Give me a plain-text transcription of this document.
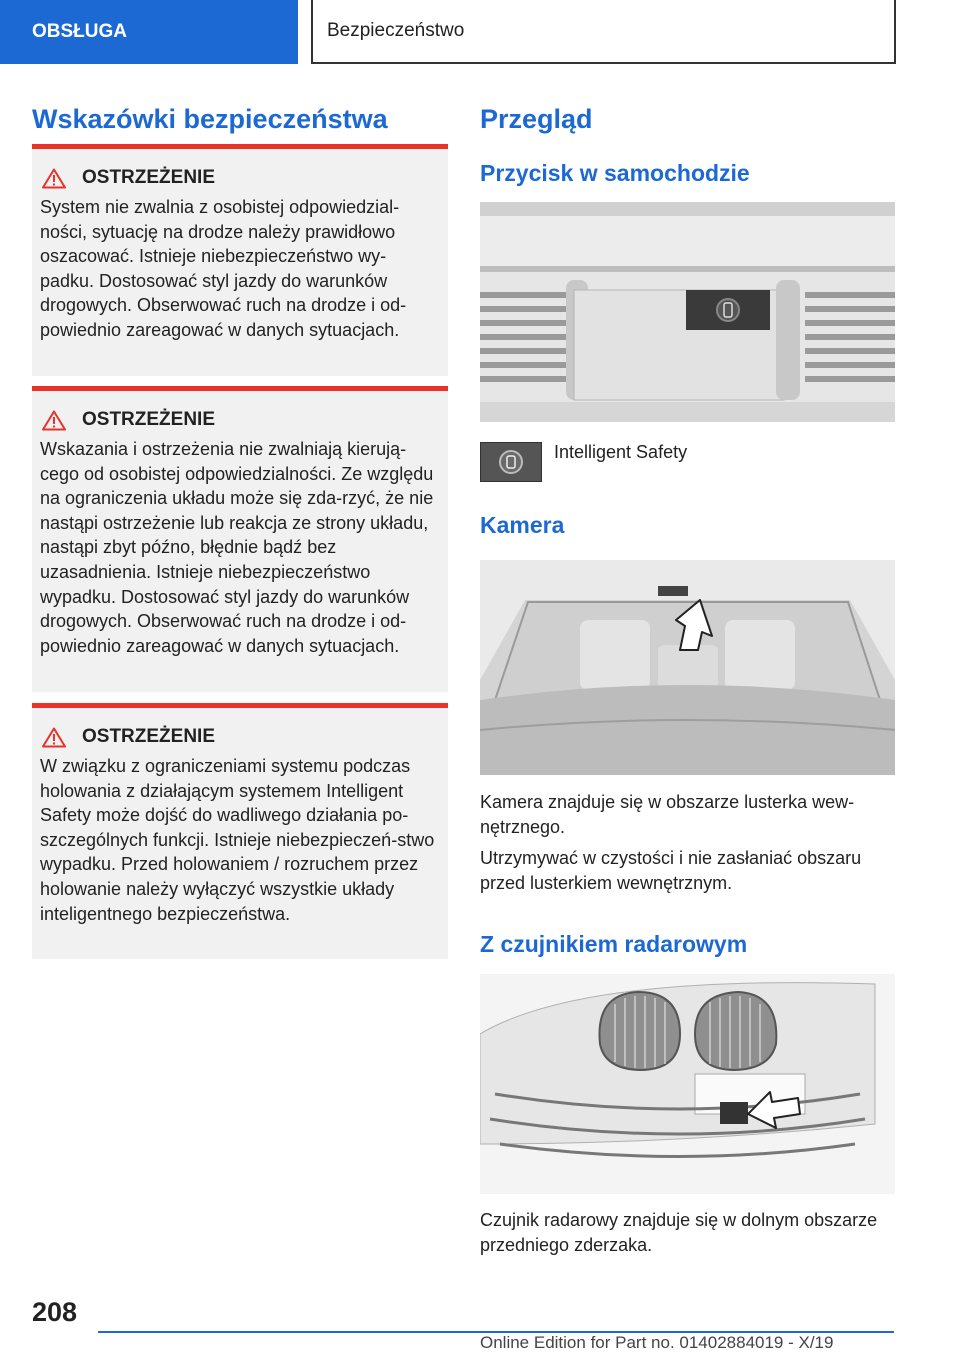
OBSŁUGA	Bezpieczeństwo
Wskazówki bezpieczeństwa
OSTRZEŻENIE

System nie zwalnia z osobistej odpowiedzial‐ności, sytuację na drodze należy prawidłowo oszacować. Istnieje niebezpieczeństwo wy‐padku. Dostosować styl jazdy do warunków drogowych. Obserwować ruch na drodze i od‐powiednio zareagować w danych sytuacjach.

OSTRZEŻENIE

Wskazania i ostrzeżenia nie zwalniają kierują‐cego od osobistej odpowiedzialności. Ze względu na ograniczenia układu może się zda‐rzyć, że nie nastąpi ostrzeżenie lub reakcja ze strony układu, nastąpi zbyt późno, błędnie bądź bez uzasadnienia. Istnieje niebezpieczeństwo wypadku. Dostosować styl jazdy do warunków drogowych. Obserwować ruch na drodze i od‐powiednio zareagować w danych sytuacjach.

OSTRZEŻENIE

W związku z ograniczeniami systemu podczas holowania z działającym systemem Intelligent Safety może dojść do wadliwego działania po‐szczególnych funkcji. Istnieje niebezpieczeń‐stwo wypadku. Przed holowaniem / rozruchem przez holowanie należy wyłączyć wszystkie układy inteligentnego bezpieczeństwa.

Przegląd
Przycisk w samochodzie

Intelligent Safety

Kamera

Kamera znajduje się w obszarze lusterka wew‐nętrznego.

Utrzymywać w czystości i nie zasłaniać obszaru przed lusterkiem wewnętrznym.

Z czujnikiem radarowym

Czujnik radarowy znajduje się w dolnym obszarze przedniego zderzaka.

208
Online Edition for Part no. 01402884019 - X/19
